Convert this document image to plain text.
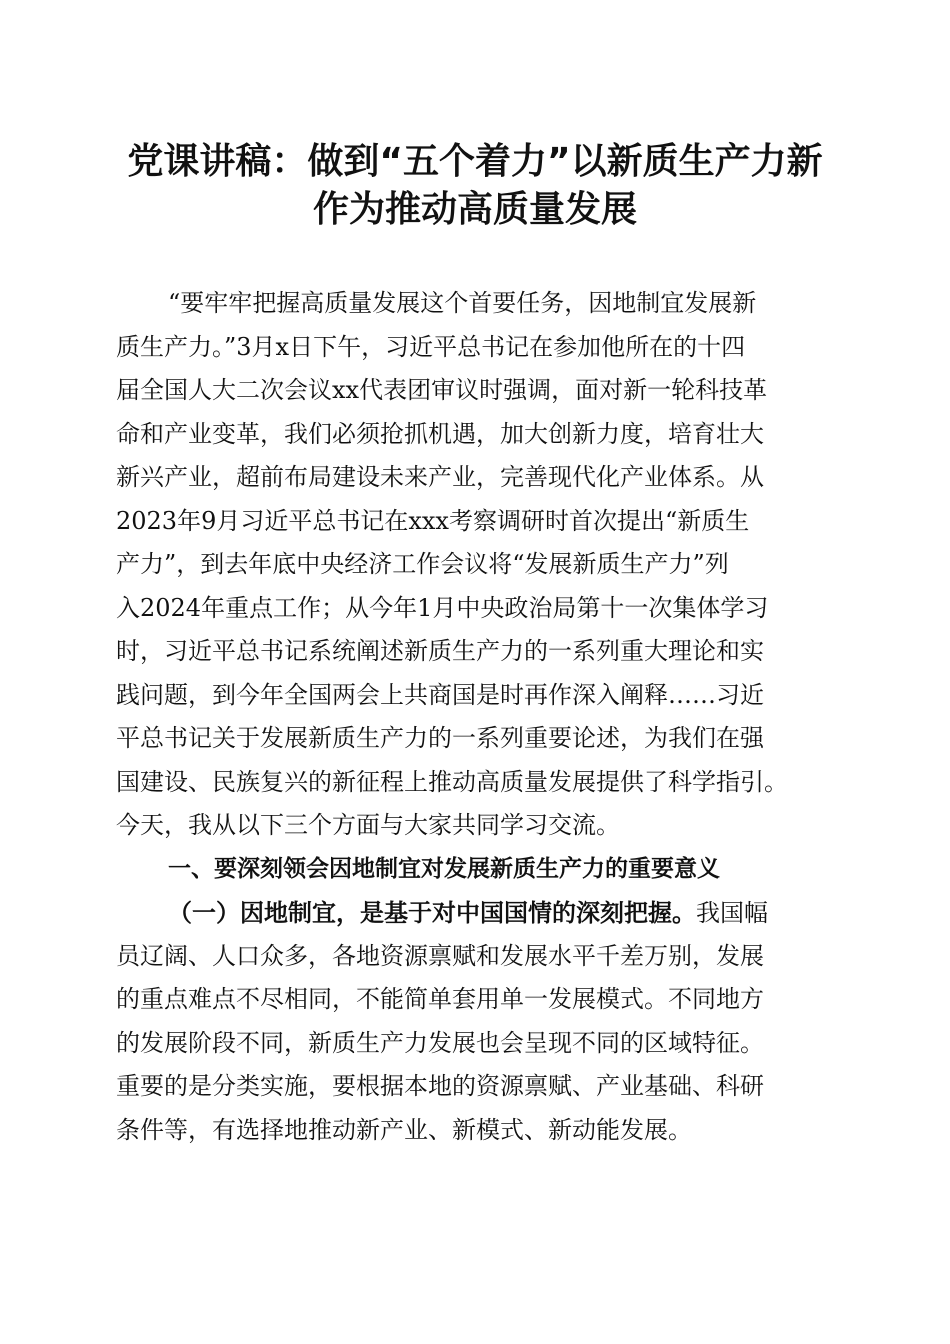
党课讲稿：做到“五个着力”以新质生产力新
作为推动高质量发展
“要牢牢把握高质量发展这个首要任务，因地制宜发展新
质生产力。”3月x日下午，习近平总书记在参加他所在的十四
届全国人大二次会议xx代表团审议时强调，面对新一轮科技革
命和产业变革，我们必须抢抓机遇，加大创新力度，培育壮大
新兴产业，超前布局建设未来产业，完善现代化产业体系。从
2023年9月习近平总书记在xxx考察调研时首次提出“新质生
产力”，到去年底中央经济工作会议将“发展新质生产力”列
入2024年重点工作；从今年1月中央政治局第十一次集体学习
时，习近平总书记系统阐述新质生产力的一系列重大理论和实
践问题，到今年全国两会上共商国是时再作深入阐释……习近
平总书记关于发展新质生产力的一系列重要论述，为我们在强
国建设、民族复兴的新征程上推动高质量发展提供了科学指引。
今天，我从以下三个方面与大家共同学习交流。
一、要深刻领会因地制宜对发展新质生产力的重要意义
（一）因地制宜，是基于对中国国情的深刻把握。我国幅
员辽阔、人口众多，各地资源禀赋和发展水平千差万别，发展
的重点难点不尽相同，不能简单套用单一发展模式。不同地方
的发展阶段不同，新质生产力发展也会呈现不同的区域特征。
重要的是分类实施，要根据本地的资源禀赋、产业基础、科研
条件等，有选择地推动新产业、新模式、新动能发展。
